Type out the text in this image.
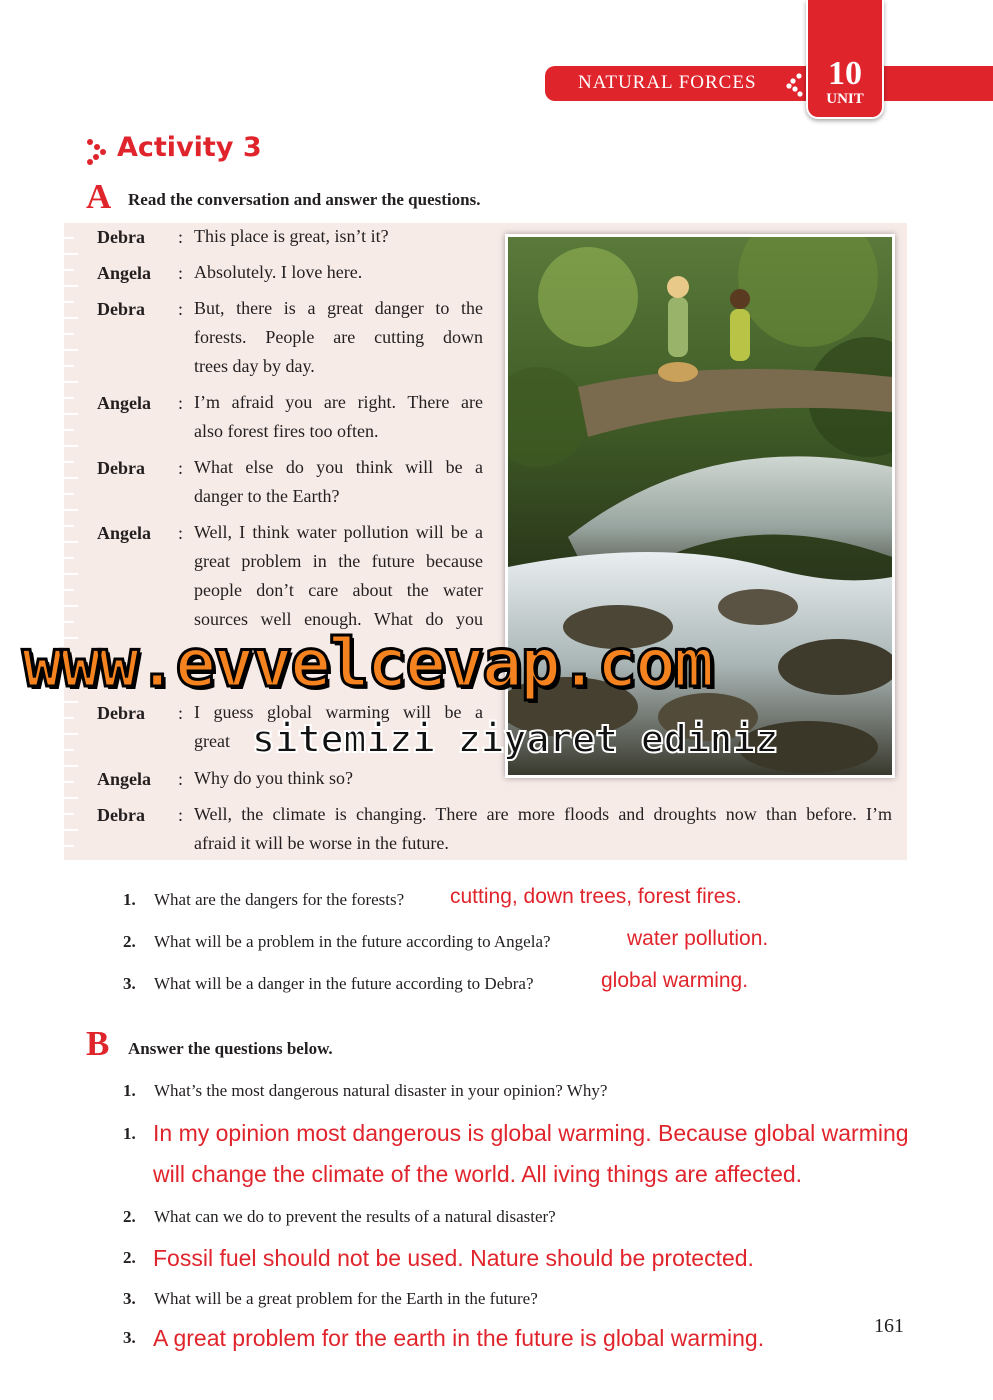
NATURAL FORCES	10
UNIT
Activity 3
A Read the conversation and answer the questions.
Debra : This place is great, isn’t it?
Angela : Absolutely. I love here.
Debra : But, there is a great danger to the
forests. People are cutting down
trees day by day.
Angela : I’m afraid you are right. There are
also forest fires too often.
Debra : What else do you think will be a
danger to the Earth?
Angela : Well, I think water pollution will be a
great problem in the future because
people don’t care about the water
sources well enough. What do you
Debra : I guess global warming will be a
great
Angela : Why do you think so?
Debra : Well, the climate is changing. There are more floods and droughts now than before. I’m
afraid it will be worse in the future.
1. What are the dangers for the forests? cutting, down trees, forest fires.
2. What will be a problem in the future according to Angela?	water pollution.
3. What will be a danger in the future according to Debra?	global warming.
B Answer the questions below.
1. What’s the most dangerous natural disaster in your opinion? Why?
1. In my opinion most dangerous is global warming. Because global warming
will change the climate of the world. All iving things are affected.
2. What can we do to prevent the results of a natural disaster?
2. Fossil fuel should not be used. Nature should be protected.
3. What will be a great problem for the Earth in the future?
3. A great problem for the earth in the future is global warming.	161
www.evvelcevap.com
sitemizi ziyaret ediniz
